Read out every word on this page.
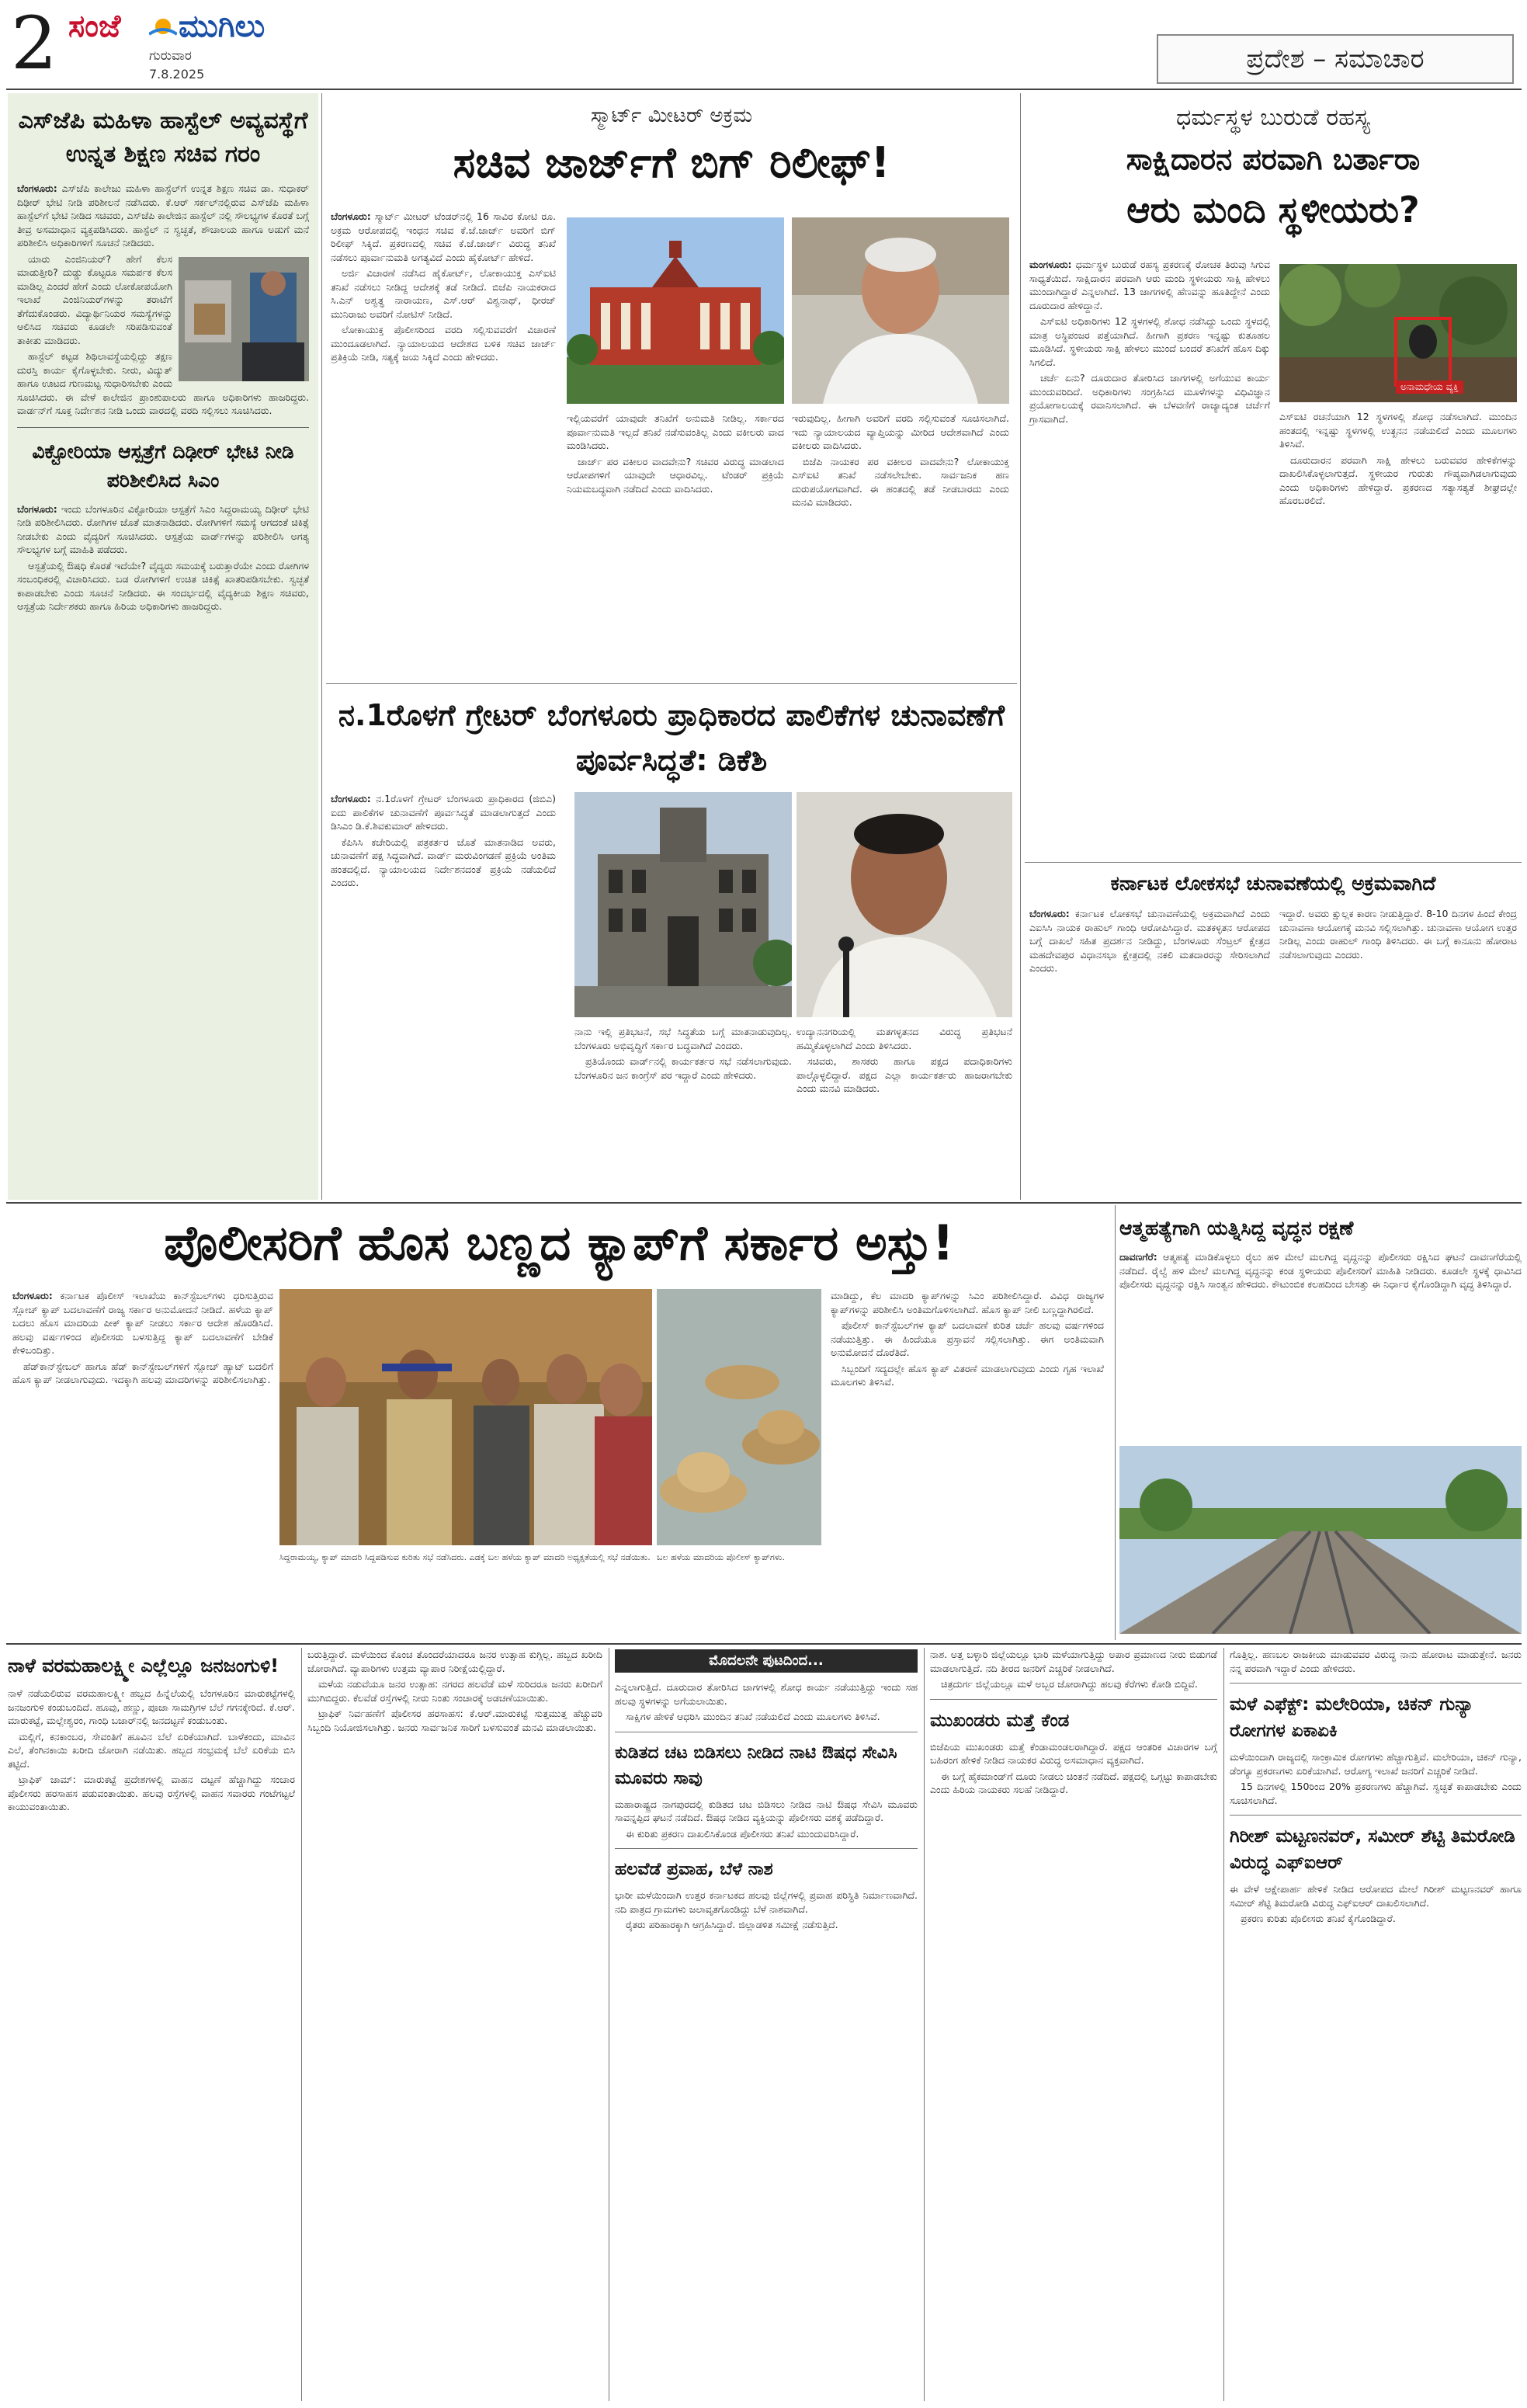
2 ಸಂಜೆ ಮುಗಿಲು
ಗುರುವಾರ
7.8.2025	ಪ್ರದೇಶ – ಸಮಾಚಾರ
ಎಸ್‌ಜೆಪಿ ಮಹಿಳಾ ಹಾಸ್ಟೆಲ್ ಅವ್ಯವಸ್ಥೆಗೆ ಉನ್ನತ ಶಿಕ್ಷಣ ಸಚಿವ ಗರಂ

ಬೆಂಗಳೂರು: ಎಸ್‌ಜೆಪಿ ಕಾಲೇಜು ಮಹಿಳಾ ಹಾಸ್ಟೆಲ್‌ಗೆ ಉನ್ನತ ಶಿಕ್ಷಣ ಸಚಿವ ಡಾ. ಸುಧಾಕರ್ ದಿಢೀರ್ ಭೇಟಿ ನೀಡಿ ಪರಿಶೀಲನೆ ನಡೆಸಿದರು. ಕೆ.ಆರ್ ಸರ್ಕಲ್‌ನಲ್ಲಿರುವ ಎಸ್‌ಜೆಪಿ ಮಹಿಳಾ ಹಾಸ್ಟೆಲ್‌ಗೆ ಭೇಟಿ ನೀಡಿದ ಸಚಿವರು, ಎಸ್‌ಜೆಪಿ ಕಾಲೇಜಿನ ಹಾಸ್ಟೆಲ್ ನಲ್ಲಿ ಸೌಲಭ್ಯಗಳ ಕೊರತೆ ಬಗ್ಗೆ ತೀವ್ರ ಅಸಮಾಧಾನ ವ್ಯಕ್ತಪಡಿಸಿದರು. ಹಾಸ್ಟೆಲ್ ನ ಸ್ವಚ್ಛತೆ, ಶೌಚಾಲಯ ಹಾಗೂ ಅಡುಗೆ ಮನೆ ಪರಿಶೀಲಿಸಿ ಅಧಿಕಾರಿಗಳಿಗೆ ಸೂಚನೆ ನೀಡಿದರು.

ಯಾರು ಎಂಜಿನಿಯರ್? ಹೇಗೆ ಕೆಲಸ ಮಾಡುತ್ತೀರಿ? ದುಡ್ಡು ಕೊಟ್ಟರೂ ಸಮರ್ಪಕ ಕೆಲಸ ಮಾಡಿಲ್ಲ ಎಂದರೆ ಹೇಗೆ ಎಂದು ಲೋಕೋಪಯೋಗಿ ಇಲಾಖೆ ಎಂಜಿನಿಯರ್‌ಗಳನ್ನು ತರಾಟೆಗೆ ತೆಗೆದುಕೊಂಡರು. ವಿದ್ಯಾರ್ಥಿನಿಯರ ಸಮಸ್ಯೆಗಳನ್ನು ಆಲಿಸಿದ ಸಚಿವರು ಕೂಡಲೇ ಸರಿಪಡಿಸುವಂತೆ ತಾಕೀತು ಮಾಡಿದರು.

ಹಾಸ್ಟೆಲ್ ಕಟ್ಟಡ ಶಿಥಿಲಾವಸ್ಥೆಯಲ್ಲಿದ್ದು ತಕ್ಷಣ ದುರಸ್ತಿ ಕಾರ್ಯ ಕೈಗೊಳ್ಳಬೇಕು. ನೀರು, ವಿದ್ಯುತ್ ಹಾಗೂ ಊಟದ ಗುಣಮಟ್ಟ ಸುಧಾರಿಸಬೇಕು ಎಂದು ಸೂಚಿಸಿದರು. ಈ ವೇಳೆ ಕಾಲೇಜಿನ ಪ್ರಾಂಶುಪಾಲರು ಹಾಗೂ ಅಧಿಕಾರಿಗಳು ಹಾಜರಿದ್ದರು. ವಾರ್ಡನ್‌ಗೆ ಸೂಕ್ತ ನಿರ್ದೇಶನ ನೀಡಿ ಒಂದು ವಾರದಲ್ಲಿ ವರದಿ ಸಲ್ಲಿಸಲು ಸೂಚಿಸಿದರು.

ವಿಕ್ಟೋರಿಯಾ ಆಸ್ಪತ್ರೆಗೆ ದಿಢೀರ್ ಭೇಟಿ ನೀಡಿ ಪರಿಶೀಲಿಸಿದ ಸಿಎಂ

ಬೆಂಗಳೂರು: ಇಂದು ಬೆಂಗಳೂರಿನ ವಿಕ್ಟೋರಿಯಾ ಆಸ್ಪತ್ರೆಗೆ ಸಿಎಂ ಸಿದ್ದರಾಮಯ್ಯ ದಿಢೀರ್ ಭೇಟಿ ನೀಡಿ ಪರಿಶೀಲಿಸಿದರು. ರೋಗಿಗಳ ಜೊತೆ ಮಾತನಾಡಿದರು. ರೋಗಿಗಳಿಗೆ ಸಮಸ್ಯೆ ಆಗದಂತೆ ಚಿಕಿತ್ಸೆ ನೀಡಬೇಕು ಎಂದು ವೈದ್ಯರಿಗೆ ಸೂಚಿಸಿದರು. ಆಸ್ಪತ್ರೆಯ ವಾರ್ಡ್‌ಗಳನ್ನು ಪರಿಶೀಲಿಸಿ ಅಗತ್ಯ ಸೌಲಭ್ಯಗಳ ಬಗ್ಗೆ ಮಾಹಿತಿ ಪಡೆದರು.

ಆಸ್ಪತ್ರೆಯಲ್ಲಿ ಔಷಧಿ ಕೊರತೆ ಇದೆಯೇ? ವೈದ್ಯರು ಸಮಯಕ್ಕೆ ಬರುತ್ತಾರೆಯೇ ಎಂದು ರೋಗಿಗಳ ಸಂಬಂಧಿಕರಲ್ಲಿ ವಿಚಾರಿಸಿದರು. ಬಡ ರೋಗಿಗಳಿಗೆ ಉಚಿತ ಚಿಕಿತ್ಸೆ ಖಾತರಿಪಡಿಸಬೇಕು. ಸ್ವಚ್ಛತೆ ಕಾಪಾಡಬೇಕು ಎಂದು ಸೂಚನೆ ನೀಡಿದರು. ಈ ಸಂದರ್ಭದಲ್ಲಿ ವೈದ್ಯಕೀಯ ಶಿಕ್ಷಣ ಸಚಿವರು, ಆಸ್ಪತ್ರೆಯ ನಿರ್ದೇಶಕರು ಹಾಗೂ ಹಿರಿಯ ಅಧಿಕಾರಿಗಳು ಹಾಜರಿದ್ದರು.

ಸ್ಮಾರ್ಟ್ ಮೀಟರ್ ಅಕ್ರಮ
ಸಚಿವ ಜಾರ್ಜ್‌ಗೆ ಬಿಗ್ ರಿಲೀಫ್!

ಬೆಂಗಳೂರು: ಸ್ಮಾರ್ಟ್ ಮೀಟರ್ ಟೆಂಡರ್‌ನಲ್ಲಿ 16 ಸಾವಿರ ಕೋಟಿ ರೂ. ಅಕ್ರಮ ಆರೋಪದಲ್ಲಿ ಇಂಧನ ಸಚಿವ ಕೆ.ಜೆ.ಜಾರ್ಜ್ ಅವರಿಗೆ ಬಿಗ್ ರಿಲೀಫ್ ಸಿಕ್ಕಿದೆ. ಪ್ರಕರಣದಲ್ಲಿ ಸಚಿವ ಕೆ.ಜೆ.ಜಾರ್ಜ್ ವಿರುದ್ಧ ತನಿಖೆ ನಡೆಸಲು ಪೂರ್ವಾನುಮತಿ ಅಗತ್ಯವಿದೆ ಎಂದು ಹೈಕೋರ್ಟ್ ಹೇಳಿದೆ.

ಅರ್ಜಿ ವಿಚಾರಣೆ ನಡೆಸಿದ ಹೈಕೋರ್ಟ್, ಲೋಕಾಯುಕ್ತ ಎಸ್ಐಟಿ ತನಿಖೆ ನಡೆಸಲು ನೀಡಿದ್ದ ಆದೇಶಕ್ಕೆ ತಡೆ ನೀಡಿದೆ. ಬಿಜೆಪಿ ನಾಯಕರಾದ ಸಿ.ಎನ್ ಅಶ್ವತ್ಥ ನಾರಾಯಣ, ಎಸ್.ಆರ್ ವಿಶ್ವನಾಥ್, ಧೀರಜ್ ಮುನಿರಾಜು ಅವರಿಗೆ ನೋಟಿಸ್ ನೀಡಿದೆ.

ಲೋಕಾಯುಕ್ತ ಪೊಲೀಸರಿಂದ ವರದಿ ಸಲ್ಲಿಸುವವರೆಗೆ ವಿಚಾರಣೆ ಮುಂದೂಡಲಾಗಿದೆ. ನ್ಯಾಯಾಲಯದ ಆದೇಶದ ಬಳಿಕ ಸಚಿವ ಜಾರ್ಜ್ ಪ್ರತಿಕ್ರಿಯೆ ನೀಡಿ, ಸತ್ಯಕ್ಕೆ ಜಯ ಸಿಕ್ಕಿದೆ ಎಂದು ಹೇಳಿದರು.

ಇಲ್ಲಿಯವರೆಗೆ ಯಾವುದೇ ತನಿಖೆಗೆ ಅನುಮತಿ ನೀಡಿಲ್ಲ. ಸರ್ಕಾರದ ಪೂರ್ವಾನುಮತಿ ಇಲ್ಲದೆ ತನಿಖೆ ನಡೆಸುವಂತಿಲ್ಲ ಎಂದು ವಕೀಲರು ವಾದ ಮಂಡಿಸಿದರು.

ಜಾರ್ಜ್ ಪರ ವಕೀಲರ ವಾದವೇನು? ಸಚಿವರ ವಿರುದ್ಧ ಮಾಡಲಾದ ಆರೋಪಗಳಿಗೆ ಯಾವುದೇ ಆಧಾರವಿಲ್ಲ. ಟೆಂಡರ್ ಪ್ರಕ್ರಿಯೆ ನಿಯಮಬದ್ಧವಾಗಿ ನಡೆದಿದೆ ಎಂದು ವಾದಿಸಿದರು.

ಇರುವುದಿಲ್ಲ. ಹೀಗಾಗಿ ಅವರಿಗೆ ವರದಿ ಸಲ್ಲಿಸುವಂತೆ ಸೂಚಿಸಲಾಗಿದೆ. ಇದು ನ್ಯಾಯಾಲಯದ ವ್ಯಾಪ್ತಿಯನ್ನು ಮೀರಿದ ಆದೇಶವಾಗಿದೆ ಎಂದು ವಕೀಲರು ವಾದಿಸಿದರು.

ಬಿಜೆಪಿ ನಾಯಕರ ಪರ ವಕೀಲರ ವಾದವೇನು? ಲೋಕಾಯುಕ್ತ ಎಸ್ಐಟಿ ತನಿಖೆ ನಡೆಸಲೇಬೇಕು. ಸಾರ್ವಜನಿಕ ಹಣ ದುರುಪಯೋಗವಾಗಿದೆ. ಈ ಹಂತದಲ್ಲಿ ತಡೆ ನೀಡಬಾರದು ಎಂದು ಮನವಿ ಮಾಡಿದರು.

ನ.1ರೊಳಗೆ ಗ್ರೇಟರ್ ಬೆಂಗಳೂರು ಪ್ರಾಧಿಕಾರದ ಪಾಲಿಕೆಗಳ ಚುನಾವಣೆಗೆ ಪೂರ್ವಸಿದ್ಧತೆ: ಡಿಕೆಶಿ

ಬೆಂಗಳೂರು: ನ.1ರೊಳಗೆ ಗ್ರೇಟರ್ ಬೆಂಗಳೂರು ಪ್ರಾಧಿಕಾರದ (ಜಿಬಿಎ) ಐದು ಪಾಲಿಕೆಗಳ ಚುನಾವಣೆಗೆ ಪೂರ್ವಸಿದ್ಧತೆ ಮಾಡಲಾಗುತ್ತದೆ ಎಂದು ಡಿಸಿಎಂ ಡಿ.ಕೆ.ಶಿವಕುಮಾರ್ ಹೇಳಿದರು.

ಕೆಪಿಸಿಸಿ ಕಚೇರಿಯಲ್ಲಿ ಪತ್ರಕರ್ತರ ಜೊತೆ ಮಾತನಾಡಿದ ಅವರು, ಚುನಾವಣೆಗೆ ಪಕ್ಷ ಸಿದ್ಧವಾಗಿದೆ. ವಾರ್ಡ್ ಮರುವಿಂಗಡಣೆ ಪ್ರಕ್ರಿಯೆ ಅಂತಿಮ ಹಂತದಲ್ಲಿದೆ. ನ್ಯಾಯಾಲಯದ ನಿರ್ದೇಶನದಂತೆ ಪ್ರಕ್ರಿಯೆ ನಡೆಯಲಿದೆ ಎಂದರು.

ನಾನು ಇಲ್ಲಿ ಪ್ರತಿಭಟನೆ, ಸಭೆ ಸಿದ್ಧತೆಯ ಬಗ್ಗೆ ಮಾತನಾಡುವುದಿಲ್ಲ. ಬೆಂಗಳೂರು ಅಭಿವೃದ್ಧಿಗೆ ಸರ್ಕಾರ ಬದ್ಧವಾಗಿದೆ ಎಂದರು.

ಪ್ರತಿಯೊಂದು ವಾರ್ಡ್‌ನಲ್ಲಿ ಕಾರ್ಯಕರ್ತರ ಸಭೆ ನಡೆಸಲಾಗುವುದು. ಬೆಂಗಳೂರಿನ ಜನ ಕಾಂಗ್ರೆಸ್ ಪರ ಇದ್ದಾರೆ ಎಂದು ಹೇಳಿದರು.

ಉದ್ಯಾನನಗರಿಯಲ್ಲಿ ಮತಗಳ್ಳತನದ ವಿರುದ್ಧ ಪ್ರತಿಭಟನೆ ಹಮ್ಮಿಕೊಳ್ಳಲಾಗಿದೆ ಎಂದು ತಿಳಿಸಿದರು.

ಸಚಿವರು, ಶಾಸಕರು ಹಾಗೂ ಪಕ್ಷದ ಪದಾಧಿಕಾರಿಗಳು ಪಾಲ್ಗೊಳ್ಳಲಿದ್ದಾರೆ. ಪಕ್ಷದ ಎಲ್ಲಾ ಕಾರ್ಯಕರ್ತರು ಹಾಜರಾಗಬೇಕು ಎಂದು ಮನವಿ ಮಾಡಿದರು.

ಧರ್ಮಸ್ಥಳ ಬುರುಡೆ ರಹಸ್ಯ
ಸಾಕ್ಷಿದಾರನ ಪರವಾಗಿ ಬರ್ತಾರಾ
ಆರು ಮಂದಿ ಸ್ಥಳೀಯರು?

ಮಂಗಳೂರು: ಧರ್ಮಸ್ಥಳ ಬುರುಡೆ ರಹಸ್ಯ ಪ್ರಕರಣಕ್ಕೆ ರೋಚಕ ತಿರುವು ಸಿಗುವ ಸಾಧ್ಯತೆಯಿದೆ. ಸಾಕ್ಷಿದಾರನ ಪರವಾಗಿ ಆರು ಮಂದಿ ಸ್ಥಳೀಯರು ಸಾಕ್ಷಿ ಹೇಳಲು ಮುಂದಾಗಿದ್ದಾರೆ ಎನ್ನಲಾಗಿದೆ. 13 ಜಾಗಗಳಲ್ಲಿ ಹೆಣವನ್ನು ಹೂತಿದ್ದೇನೆ ಎಂದು ದೂರುದಾರ ಹೇಳಿದ್ದಾನೆ.

ಎಸ್ಐಟಿ ಅಧಿಕಾರಿಗಳು 12 ಸ್ಥಳಗಳಲ್ಲಿ ಶೋಧ ನಡೆಸಿದ್ದು ಒಂದು ಸ್ಥಳದಲ್ಲಿ ಮಾತ್ರ ಅಸ್ಥಿಪಂಜರ ಪತ್ತೆಯಾಗಿದೆ. ಹೀಗಾಗಿ ಪ್ರಕರಣ ಇನ್ನಷ್ಟು ಕುತೂಹಲ ಮೂಡಿಸಿದೆ. ಸ್ಥಳೀಯರು ಸಾಕ್ಷಿ ಹೇಳಲು ಮುಂದೆ ಬಂದರೆ ತನಿಖೆಗೆ ಹೊಸ ದಿಕ್ಕು ಸಿಗಲಿದೆ.

ಚರ್ಚೆ ಏನು? ದೂರುದಾರ ತೋರಿಸಿದ ಜಾಗಗಳಲ್ಲಿ ಅಗೆಯುವ ಕಾರ್ಯ ಮುಂದುವರಿದಿದೆ. ಅಧಿಕಾರಿಗಳು ಸಂಗ್ರಹಿಸಿದ ಮೂಳೆಗಳನ್ನು ವಿಧಿವಿಜ್ಞಾನ ಪ್ರಯೋಗಾಲಯಕ್ಕೆ ರವಾನಿಸಲಾಗಿದೆ. ಈ ಬೆಳವಣಿಗೆ ರಾಜ್ಯಾದ್ಯಂತ ಚರ್ಚೆಗೆ ಗ್ರಾಸವಾಗಿದೆ.

ಅನಾಮಧೇಯ ವ್ಯಕ್ತಿ

ಎಸ್ಐಟಿ ರಚನೆಯಾಗಿ 12 ಸ್ಥಳಗಳಲ್ಲಿ ಶೋಧ ನಡೆಸಲಾಗಿದೆ. ಮುಂದಿನ ಹಂತದಲ್ಲಿ ಇನ್ನಷ್ಟು ಸ್ಥಳಗಳಲ್ಲಿ ಉತ್ಖನನ ನಡೆಯಲಿದೆ ಎಂದು ಮೂಲಗಳು ತಿಳಿಸಿವೆ.

ದೂರುದಾರನ ಪರವಾಗಿ ಸಾಕ್ಷಿ ಹೇಳಲು ಬರುವವರ ಹೇಳಿಕೆಗಳನ್ನು ದಾಖಲಿಸಿಕೊಳ್ಳಲಾಗುತ್ತದೆ. ಸ್ಥಳೀಯರ ಗುರುತು ಗೌಪ್ಯವಾಗಿಡಲಾಗುವುದು ಎಂದು ಅಧಿಕಾರಿಗಳು ಹೇಳಿದ್ದಾರೆ. ಪ್ರಕರಣದ ಸತ್ಯಾಸತ್ಯತೆ ಶೀಘ್ರದಲ್ಲೇ ಹೊರಬರಲಿದೆ.

ಕರ್ನಾಟಕ ಲೋಕಸಭೆ ಚುನಾವಣೆಯಲ್ಲಿ ಅಕ್ರಮವಾಗಿದೆ

ಬೆಂಗಳೂರು: ಕರ್ನಾಟಕ ಲೋಕಸಭೆ ಚುನಾವಣೆಯಲ್ಲಿ ಅಕ್ರಮವಾಗಿದೆ ಎಂದು ಎಐಸಿಸಿ ನಾಯಕ ರಾಹುಲ್ ಗಾಂಧಿ ಆರೋಪಿಸಿದ್ದಾರೆ. ಮತಕಳ್ಳತನ ಆರೋಪದ ಬಗ್ಗೆ ದಾಖಲೆ ಸಹಿತ ಪ್ರದರ್ಶನ ನೀಡಿದ್ದು, ಬೆಂಗಳೂರು ಸೆಂಟ್ರಲ್ ಕ್ಷೇತ್ರದ ಮಹದೇವಪುರ ವಿಧಾನಸಭಾ ಕ್ಷೇತ್ರದಲ್ಲಿ ನಕಲಿ ಮತದಾರರನ್ನು ಸೇರಿಸಲಾಗಿದೆ ಎಂದರು.

ಇದ್ದಾರೆ. ಅವರು ಕ್ಷುಲ್ಲಕ ಕಾರಣ ನೀಡುತ್ತಿದ್ದಾರೆ. 8-10 ದಿನಗಳ ಹಿಂದೆ ಕೇಂದ್ರ ಚುನಾವಣಾ ಆಯೋಗಕ್ಕೆ ಮನವಿ ಸಲ್ಲಿಸಲಾಗಿತ್ತು. ಚುನಾವಣಾ ಆಯೋಗ ಉತ್ತರ ನೀಡಿಲ್ಲ ಎಂದು ರಾಹುಲ್ ಗಾಂಧಿ ತಿಳಿಸಿದರು. ಈ ಬಗ್ಗೆ ಕಾನೂನು ಹೋರಾಟ ನಡೆಸಲಾಗುವುದು ಎಂದರು.

ಪೊಲೀಸರಿಗೆ ಹೊಸ ಬಣ್ಣದ ಕ್ಯಾಪ್‌ಗೆ ಸರ್ಕಾರ ಅಸ್ತು!

ಬೆಂಗಳೂರು: ಕರ್ನಾಟಕ ಪೊಲೀಸ್ ಇಲಾಖೆಯ ಕಾನ್‌ಸ್ಟೆಬಲ್‌ಗಳು ಧರಿಸುತ್ತಿರುವ ಸ್ಲೋಚ್ ಕ್ಯಾಪ್ ಬದಲಾವಣೆಗೆ ರಾಜ್ಯ ಸರ್ಕಾರ ಅನುಮೋದನೆ ನೀಡಿದೆ. ಹಳೆಯ ಕ್ಯಾಪ್ ಬದಲು ಹೊಸ ಮಾದರಿಯ ಪೀಕ್ ಕ್ಯಾಪ್ ನೀಡಲು ಸರ್ಕಾರ ಆದೇಶ ಹೊರಡಿಸಿದೆ. ಹಲವು ವರ್ಷಗಳಿಂದ ಪೊಲೀಸರು ಬಳಸುತ್ತಿದ್ದ ಕ್ಯಾಪ್ ಬದಲಾವಣೆಗೆ ಬೇಡಿಕೆ ಕೇಳಿಬಂದಿತ್ತು.

ಹೆಡ್‌ಕಾನ್‌ಸ್ಟೇಬಲ್ ಹಾಗೂ ಹೆಡ್ ಕಾನ್‌ಸ್ಟೇಬಲ್‌ಗಳಿಗೆ ಸ್ಲೋಚ್ ಹ್ಯಾಟ್ ಬದಲಿಗೆ ಹೊಸ ಕ್ಯಾಪ್ ನೀಡಲಾಗುವುದು. ಇದಕ್ಕಾಗಿ ಹಲವು ಮಾದರಿಗಳನ್ನು ಪರಿಶೀಲಿಸಲಾಗಿತ್ತು.

ಸಿದ್ದರಾಮಯ್ಯ, ಕ್ಯಾಪ್ ಮಾದರಿ ಸಿದ್ದಪಡಿಸುವ ಕುರಿತು ಸಭೆ ನಡೆಸಿದರು. ಎಡಕ್ಕೆ ಬಲ ಹಳೆಯ ಕ್ಯಾಪ್ ಮಾದರಿ ಅಧ್ಯಕ್ಷತೆಯಲ್ಲಿ ಸಭೆ ನಡೆಯಿತು. ಬಲ ಹಳೆಯ ಮಾದರಿಯ ಪೊಲೀಸ್ ಕ್ಯಾಪ್‌ಗಳು.

ಮಾಡಿದ್ದು, ಕೆಲ ಮಾದರಿ ಕ್ಯಾಪ್‌ಗಳನ್ನು ಸಿಎಂ ಪರಿಶೀಲಿಸಿದ್ದಾರೆ. ವಿವಿಧ ರಾಜ್ಯಗಳ ಕ್ಯಾಪ್‌ಗಳನ್ನು ಪರಿಶೀಲಿಸಿ ಅಂತಿಮಗೊಳಿಸಲಾಗಿದೆ. ಹೊಸ ಕ್ಯಾಪ್ ನೀಲಿ ಬಣ್ಣದ್ದಾಗಿರಲಿದೆ.

ಪೊಲೀಸ್ ಕಾನ್‌ಸ್ಟೆಬಲ್‌ಗಳ ಕ್ಯಾಪ್ ಬದಲಾವಣೆ ಕುರಿತ ಚರ್ಚೆ ಹಲವು ವರ್ಷಗಳಿಂದ ನಡೆಯುತ್ತಿತ್ತು. ಈ ಹಿಂದೆಯೂ ಪ್ರಸ್ತಾವನೆ ಸಲ್ಲಿಸಲಾಗಿತ್ತು. ಈಗ ಅಂತಿಮವಾಗಿ ಅನುಮೋದನೆ ದೊರೆತಿದೆ.

ಸಿಬ್ಬಂದಿಗೆ ಸದ್ಯದಲ್ಲೇ ಹೊಸ ಕ್ಯಾಪ್ ವಿತರಣೆ ಮಾಡಲಾಗುವುದು ಎಂದು ಗೃಹ ಇಲಾಖೆ ಮೂಲಗಳು ತಿಳಿಸಿವೆ.

ಆತ್ಮಹತ್ಯೆಗಾಗಿ ಯತ್ನಿಸಿದ್ದ ವೃದ್ಧನ ರಕ್ಷಣೆ

ದಾವಣಗೆರೆ: ಆತ್ಮಹತ್ಯೆ ಮಾಡಿಕೊಳ್ಳಲು ರೈಲು ಹಳಿ ಮೇಲೆ ಮಲಗಿದ್ದ ವೃದ್ಧನನ್ನು ಪೊಲೀಸರು ರಕ್ಷಿಸಿದ ಘಟನೆ ದಾವಣಗೆರೆಯಲ್ಲಿ ನಡೆದಿದೆ. ರೈಲ್ವೆ ಹಳಿ ಮೇಲೆ ಮಲಗಿದ್ದ ವೃದ್ಧನನ್ನು ಕಂಡ ಸ್ಥಳೀಯರು ಪೊಲೀಸರಿಗೆ ಮಾಹಿತಿ ನೀಡಿದರು. ಕೂಡಲೇ ಸ್ಥಳಕ್ಕೆ ಧಾವಿಸಿದ ಪೊಲೀಸರು ವೃದ್ಧನನ್ನು ರಕ್ಷಿಸಿ ಸಾಂತ್ವನ ಹೇಳಿದರು. ಕೌಟುಂಬಿಕ ಕಲಹದಿಂದ ಬೇಸತ್ತು ಈ ನಿರ್ಧಾರ ಕೈಗೊಂಡಿದ್ದಾಗಿ ವೃದ್ಧ ತಿಳಿಸಿದ್ದಾರೆ.

ನಾಳೆ ವರಮಹಾಲಕ್ಷ್ಮೀ ಎಲ್ಲೆಲ್ಲೂ ಜನಜಂಗುಳಿ!

ನಾಳೆ ನಡೆಯಲಿರುವ ವರಮಹಾಲಕ್ಷ್ಮೀ ಹಬ್ಬದ ಹಿನ್ನೆಲೆಯಲ್ಲಿ ಬೆಂಗಳೂರಿನ ಮಾರುಕಟ್ಟೆಗಳಲ್ಲಿ ಜನಜಂಗುಳಿ ಕಂಡುಬಂದಿದೆ. ಹೂವು, ಹಣ್ಣು, ಪೂಜಾ ಸಾಮಗ್ರಿಗಳ ಬೆಲೆ ಗಗನಕ್ಕೇರಿದೆ. ಕೆ.ಆರ್. ಮಾರುಕಟ್ಟೆ, ಮಲ್ಲೇಶ್ವರಂ, ಗಾಂಧಿ ಬಜಾರ್‌ನಲ್ಲಿ ಜನದಟ್ಟಣೆ ಕಂಡುಬಂತು.

ಮಲ್ಲಿಗೆ, ಕನಕಾಂಬರ, ಸೇವಂತಿಗೆ ಹೂವಿನ ಬೆಲೆ ಏರಿಕೆಯಾಗಿದೆ. ಬಾಳೆಕಂದು, ಮಾವಿನ ಎಲೆ, ತೆಂಗಿನಕಾಯಿ ಖರೀದಿ ಜೋರಾಗಿ ನಡೆಯಿತು. ಹಬ್ಬದ ಸಂಭ್ರಮಕ್ಕೆ ಬೆಲೆ ಏರಿಕೆಯ ಬಿಸಿ ತಟ್ಟಿದೆ.

ಟ್ರಾಫಿಕ್ ಜಾಮ್: ಮಾರುಕಟ್ಟೆ ಪ್ರದೇಶಗಳಲ್ಲಿ ವಾಹನ ದಟ್ಟಣೆ ಹೆಚ್ಚಾಗಿದ್ದು ಸಂಚಾರ ಪೊಲೀಸರು ಹರಸಾಹಸ ಪಡುವಂತಾಯಿತು. ಹಲವು ರಸ್ತೆಗಳಲ್ಲಿ ವಾಹನ ಸವಾರರು ಗಂಟೆಗಟ್ಟಲೆ ಕಾಯುವಂತಾಯಿತು.

ಬರುತ್ತಿದ್ದಾರೆ. ಮಳೆಯಿಂದ ಕೊಂಚ ತೊಂದರೆಯಾದರೂ ಜನರ ಉತ್ಸಾಹ ಕುಗ್ಗಿಲ್ಲ. ಹಬ್ಬದ ಖರೀದಿ ಜೋರಾಗಿದೆ. ವ್ಯಾಪಾರಿಗಳು ಉತ್ತಮ ವ್ಯಾಪಾರ ನಿರೀಕ್ಷೆಯಲ್ಲಿದ್ದಾರೆ.

ಮಳೆಯ ನಡುವೆಯೂ ಜನರ ಉತ್ಸಾಹ: ನಗರದ ಹಲವೆಡೆ ಮಳೆ ಸುರಿದರೂ ಜನರು ಖರೀದಿಗೆ ಮುಗಿಬಿದ್ದರು. ಕೆಲವೆಡೆ ರಸ್ತೆಗಳಲ್ಲಿ ನೀರು ನಿಂತು ಸಂಚಾರಕ್ಕೆ ಅಡಚಣೆಯಾಯಿತು.

ಟ್ರಾಫಿಕ್ ನಿರ್ವಹಣೆಗೆ ಪೊಲೀಸರ ಹರಸಾಹಸ: ಕೆ.ಆರ್.ಮಾರುಕಟ್ಟೆ ಸುತ್ತಮುತ್ತ ಹೆಚ್ಚುವರಿ ಸಿಬ್ಬಂದಿ ನಿಯೋಜಿಸಲಾಗಿತ್ತು. ಜನರು ಸಾರ್ವಜನಿಕ ಸಾರಿಗೆ ಬಳಸುವಂತೆ ಮನವಿ ಮಾಡಲಾಯಿತು.

ಮೊದಲನೇ ಪುಟದಿಂದ...

ಎನ್ನಲಾಗುತ್ತಿದೆ. ದೂರುದಾರ ತೋರಿಸಿದ ಜಾಗಗಳಲ್ಲಿ ಶೋಧ ಕಾರ್ಯ ನಡೆಯುತ್ತಿದ್ದು ಇಂದು ಸಹ ಹಲವು ಸ್ಥಳಗಳನ್ನು ಅಗೆಯಲಾಯಿತು.

ಸಾಕ್ಷಿಗಳ ಹೇಳಿಕೆ ಆಧರಿಸಿ ಮುಂದಿನ ತನಿಖೆ ನಡೆಯಲಿದೆ ಎಂದು ಮೂಲಗಳು ತಿಳಿಸಿವೆ.

ಕುಡಿತದ ಚಟ ಬಿಡಿಸಲು ನೀಡಿದ ನಾಟಿ ಔಷಧ ಸೇವಿಸಿ ಮೂವರು ಸಾವು

ಮಹಾರಾಷ್ಟ್ರದ ನಾಗಪುರದಲ್ಲಿ ಕುಡಿತದ ಚಟ ಬಿಡಿಸಲು ನೀಡಿದ ನಾಟಿ ಔಷಧ ಸೇವಿಸಿ ಮೂವರು ಸಾವನ್ನಪ್ಪಿದ ಘಟನೆ ನಡೆದಿದೆ. ಔಷಧ ನೀಡಿದ ವ್ಯಕ್ತಿಯನ್ನು ಪೊಲೀಸರು ವಶಕ್ಕೆ ಪಡೆದಿದ್ದಾರೆ.

ಈ ಕುರಿತು ಪ್ರಕರಣ ದಾಖಲಿಸಿಕೊಂಡ ಪೊಲೀಸರು ತನಿಖೆ ಮುಂದುವರಿಸಿದ್ದಾರೆ.

ಹಲವೆಡೆ ಪ್ರವಾಹ, ಬೆಳೆ ನಾಶ

ಭಾರೀ ಮಳೆಯಿಂದಾಗಿ ಉತ್ತರ ಕರ್ನಾಟಕದ ಹಲವು ಜಿಲ್ಲೆಗಳಲ್ಲಿ ಪ್ರವಾಹ ಪರಿಸ್ಥಿತಿ ನಿರ್ಮಾಣವಾಗಿದೆ. ನದಿ ಪಾತ್ರದ ಗ್ರಾಮಗಳು ಜಲಾವೃತಗೊಂಡಿದ್ದು ಬೆಳೆ ನಾಶವಾಗಿದೆ.

ರೈತರು ಪರಿಹಾರಕ್ಕಾಗಿ ಆಗ್ರಹಿಸಿದ್ದಾರೆ. ಜಿಲ್ಲಾಡಳಿತ ಸಮೀಕ್ಷೆ ನಡೆಸುತ್ತಿದೆ.

ನಾಶ. ಅತ್ತ ಬಳ್ಳಾರಿ ಜಿಲ್ಲೆಯಲ್ಲೂ ಭಾರಿ ಮಳೆಯಾಗುತ್ತಿದ್ದು ಅಪಾರ ಪ್ರಮಾಣದ ನೀರು ಬಿಡುಗಡೆ ಮಾಡಲಾಗುತ್ತಿದೆ. ನದಿ ತೀರದ ಜನರಿಗೆ ಎಚ್ಚರಿಕೆ ನೀಡಲಾಗಿದೆ.

ಚಿತ್ರದುರ್ಗ ಜಿಲ್ಲೆಯಲ್ಲೂ ಮಳೆ ಅಬ್ಬರ ಜೋರಾಗಿದ್ದು ಹಲವು ಕೆರೆಗಳು ಕೋಡಿ ಬಿದ್ದಿವೆ.

ಮುಖಂಡರು ಮತ್ತೆ ಕೆಂಡ

ಬಿಜೆಪಿಯ ಮುಖಂಡರು ಮತ್ತೆ ಕೆಂಡಾಮಂಡಲರಾಗಿದ್ದಾರೆ. ಪಕ್ಷದ ಆಂತರಿಕ ವಿಚಾರಗಳ ಬಗ್ಗೆ ಬಹಿರಂಗ ಹೇಳಿಕೆ ನೀಡಿದ ನಾಯಕರ ವಿರುದ್ಧ ಅಸಮಾಧಾನ ವ್ಯಕ್ತವಾಗಿದೆ.

ಈ ಬಗ್ಗೆ ಹೈಕಮಾಂಡ್‌ಗೆ ದೂರು ನೀಡಲು ಚಿಂತನೆ ನಡೆದಿದೆ. ಪಕ್ಷದಲ್ಲಿ ಒಗ್ಗಟ್ಟು ಕಾಪಾಡಬೇಕು ಎಂದು ಹಿರಿಯ ನಾಯಕರು ಸಲಹೆ ನೀಡಿದ್ದಾರೆ.

ಗೊತ್ತಿಲ್ಲ. ಹಣಬಲ ರಾಜಕೀಯ ಮಾಡುವವರ ವಿರುದ್ಧ ನಾನು ಹೋರಾಟ ಮಾಡುತ್ತೇನೆ. ಜನರು ನನ್ನ ಪರವಾಗಿ ಇದ್ದಾರೆ ಎಂದು ಹೇಳಿದರು.

ಮಳೆ ಎಫೆಕ್ಟ್: ಮಲೇರಿಯಾ, ಚಿಕನ್ ಗುನ್ಯಾ ರೋಗಗಳ ಏಕಾಏಕಿ

ಮಳೆಯಿಂದಾಗಿ ರಾಜ್ಯದಲ್ಲಿ ಸಾಂಕ್ರಾಮಿಕ ರೋಗಗಳು ಹೆಚ್ಚಾಗುತ್ತಿವೆ. ಮಲೇರಿಯಾ, ಚಿಕನ್ ಗುನ್ಯಾ, ಡೆಂಗ್ಯೂ ಪ್ರಕರಣಗಳು ಏರಿಕೆಯಾಗಿವೆ. ಆರೋಗ್ಯ ಇಲಾಖೆ ಜನರಿಗೆ ಎಚ್ಚರಿಕೆ ನೀಡಿದೆ.

15 ದಿನಗಳಲ್ಲಿ 150ರಿಂದ 20% ಪ್ರಕರಣಗಳು ಹೆಚ್ಚಾಗಿವೆ. ಸ್ವಚ್ಛತೆ ಕಾಪಾಡಬೇಕು ಎಂದು ಸೂಚಿಸಲಾಗಿದೆ.

ಗಿರೀಶ್ ಮಟ್ಟಣನವರ್, ಸಮೀರ್ ಶೆಟ್ಟಿ ತಿಮರೋಡಿ ವಿರುದ್ಧ ಎಫ್‌ಐಆರ್

ಈ ವೇಳೆ ಆಕ್ಷೇಪಾರ್ಹ ಹೇಳಿಕೆ ನೀಡಿದ ಆರೋಪದ ಮೇಲೆ ಗಿರೀಶ್ ಮಟ್ಟಣನವರ್ ಹಾಗೂ ಸಮೀರ್ ಶೆಟ್ಟಿ ತಿಮರೋಡಿ ವಿರುದ್ಧ ಎಫ್‌ಐಆರ್ ದಾಖಲಿಸಲಾಗಿದೆ.

ಪ್ರಕರಣ ಕುರಿತು ಪೊಲೀಸರು ತನಿಖೆ ಕೈಗೊಂಡಿದ್ದಾರೆ.
